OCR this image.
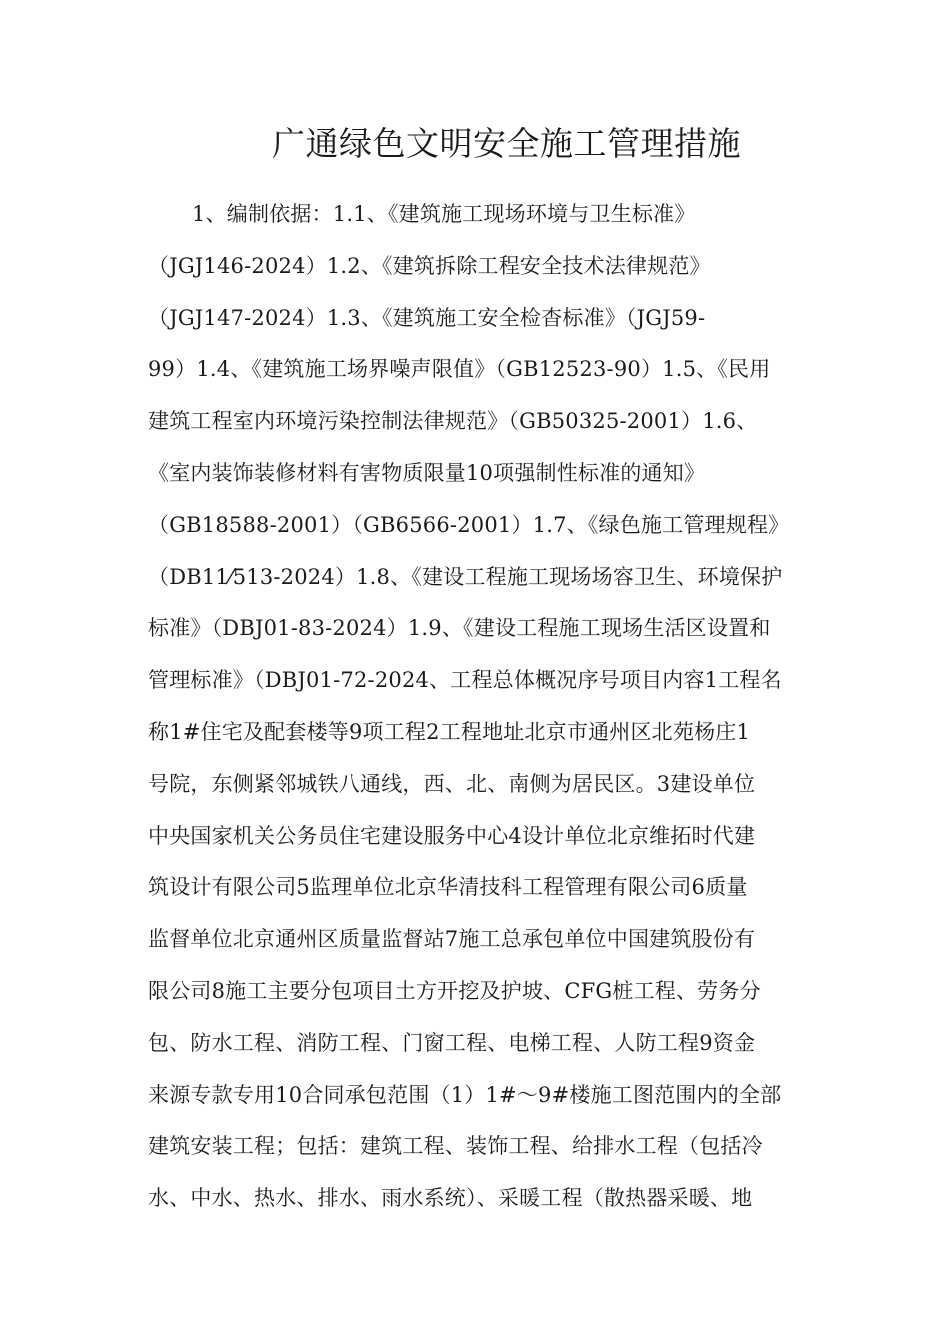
广通绿色文明安全施工管理措施
1、编制依据：1.1、《建筑施工现场环境与卫生标准》
（JGJ146-2024）1.2、《建筑拆除工程安全技术法律规范》
（JGJ147-2024）1.3、《建筑施工安全检杳标准》（JGJ59-
99）1.4、《建筑施工场界噪声限值》（GB12523-90）1.5、《民用
建筑工程室内环境污染控制法律规范》（GB50325-2001）1.6、
《室内装饰装修材料有害物质限量10项强制性标准的通知》
（GB18588-2001）（GB6566-2001）1.7、《绿色施工管理规程》
（DB11⁄513-2024）1.8、《建设工程施工现场场容卫生、环境保护
标准》（DBJ01-83-2024）1.9、《建设工程施工现场生活区设置和
管理标准》（DBJ01-72-2024、工程总体概况序号项目内容1工程名
称1#住宅及配套楼等9项工程2工程地址北京市通州区北苑杨庄1
号院，东侧紧邻城铁八通线，西、北、南侧为居民区。3建设单位
中央国家机关公务员住宅建设服务中心4设计单位北京维拓时代建
筑设计有限公司5监理单位北京华清技科工程管理有限公司6质量
监督单位北京通州区质量监督站7施工总承包单位中国建筑股份有
限公司8施工主要分包项目土方开挖及护坡、CFG桩工程、劳务分
包、防水工程、消防工程、门窗工程、电梯工程、人防工程9资金
来源专款专用10合同承包范围（1）1#～9#楼施工图范围内的全部
建筑安装工程；包括：建筑工程、装饰工程、给排水工程（包括冷
水、中水、热水、排水、雨水系统）、采暖工程（散热器采暖、地
